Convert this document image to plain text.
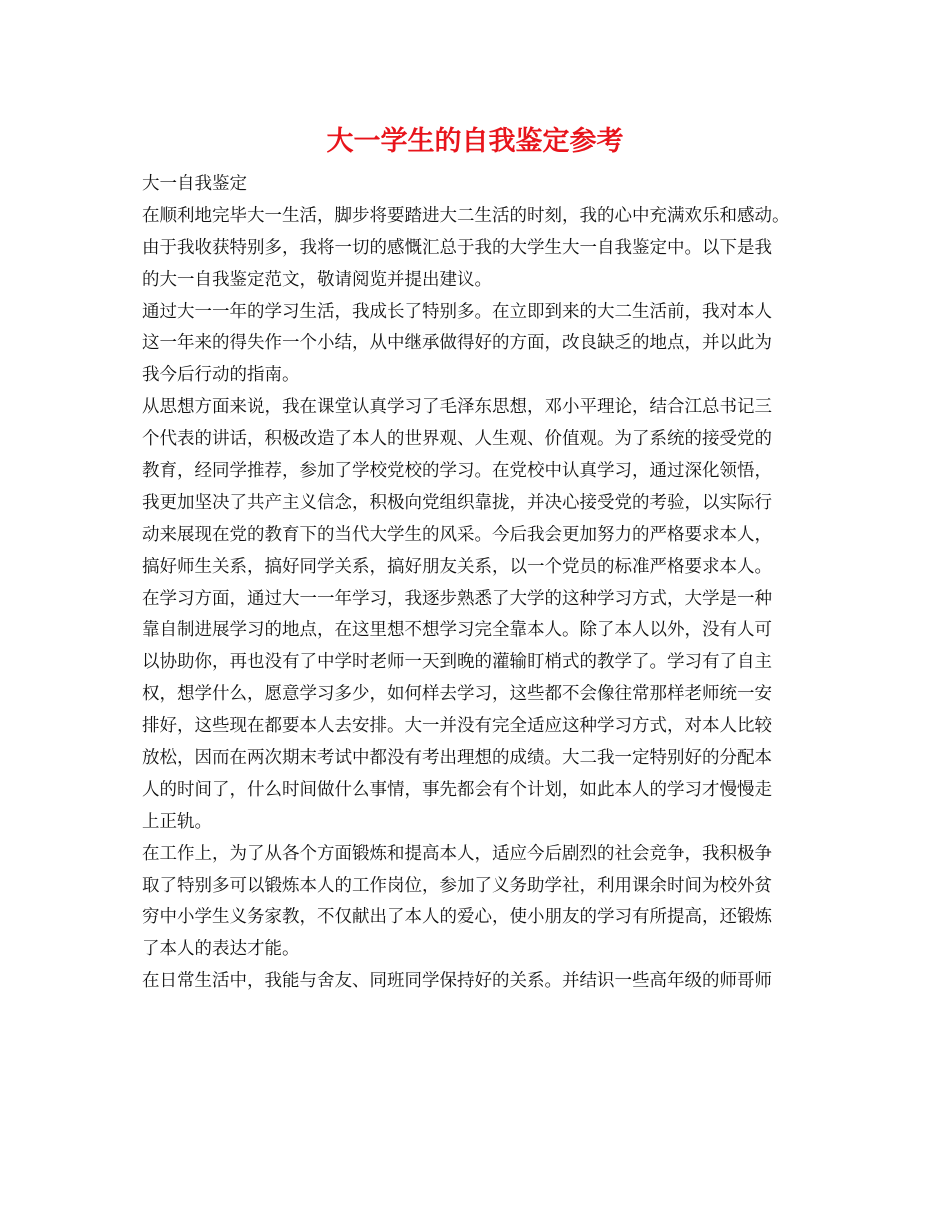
大一学生的自我鉴定参考
大一自我鉴定
在顺利地完毕大一生活，脚步将要踏进大二生活的时刻，我的心中充满欢乐和感动。
由于我收获特别多，我将一切的感慨汇总于我的大学生大一自我鉴定中。以下是我
的大一自我鉴定范文，敬请阅览并提出建议。
通过大一一年的学习生活，我成长了特别多。在立即到来的大二生活前，我对本人
这一年来的得失作一个小结，从中继承做得好的方面，改良缺乏的地点，并以此为
我今后行动的指南。
从思想方面来说，我在课堂认真学习了毛泽东思想，邓小平理论，结合江总书记三
个代表的讲话，积极改造了本人的世界观、人生观、价值观。为了系统的接受党的
教育，经同学推荐，参加了学校党校的学习。在党校中认真学习，通过深化领悟，
我更加坚决了共产主义信念，积极向党组织靠拢，并决心接受党的考验，以实际行
动来展现在党的教育下的当代大学生的风采。今后我会更加努力的严格要求本人，
搞好师生关系，搞好同学关系，搞好朋友关系，以一个党员的标准严格要求本人。
在学习方面，通过大一一年学习，我逐步熟悉了大学的这种学习方式，大学是一种
靠自制进展学习的地点，在这里想不想学习完全靠本人。除了本人以外，没有人可
以协助你，再也没有了中学时老师一天到晚的灌输盯梢式的教学了。学习有了自主
权，想学什么，愿意学习多少，如何样去学习，这些都不会像往常那样老师统一安
排好，这些现在都要本人去安排。大一并没有完全适应这种学习方式，对本人比较
放松，因而在两次期末考试中都没有考出理想的成绩。大二我一定特别好的分配本
人的时间了，什么时间做什么事情，事先都会有个计划，如此本人的学习才慢慢走
上正轨。
在工作上，为了从各个方面锻炼和提高本人，适应今后剧烈的社会竞争，我积极争
取了特别多可以锻炼本人的工作岗位，参加了义务助学社，利用课余时间为校外贫
穷中小学生义务家教，不仅献出了本人的爱心，使小朋友的学习有所提高，还锻炼
了本人的表达才能。
在日常生活中，我能与舍友、同班同学保持好的关系。并结识一些高年级的师哥师
